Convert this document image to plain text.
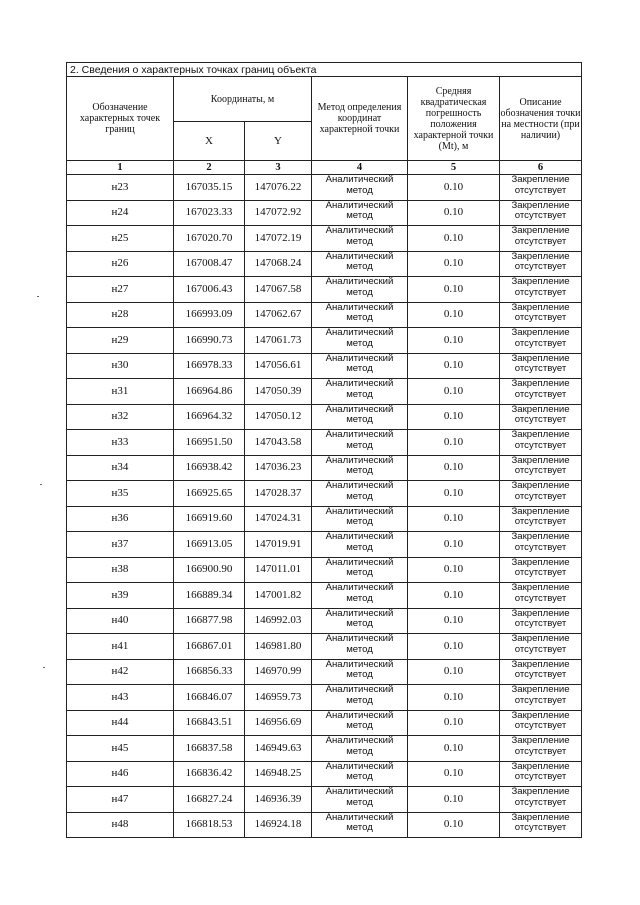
2. Сведения о характерных точках границ объекта					
Обозначение характерных точек границ	Координаты, м		Метод определения координат характерной точки	Средняя квадратическая погрешность положения характерной точки (Mt), м	Описание обозначения точки на местности (при наличии)
	X	Y			
1	2	3	4	5	6
н23	167035.15	147076.22	Аналитический метод	0.10	Закрепление отсутствует
н24	167023.33	147072.92	Аналитический метод	0.10	Закрепление отсутствует
н25	167020.70	147072.19	Аналитический метод	0.10	Закрепление отсутствует
н26	167008.47	147068.24	Аналитический метод	0.10	Закрепление отсутствует
н27	167006.43	147067.58	Аналитический метод	0.10	Закрепление отсутствует
н28	166993.09	147062.67	Аналитический метод	0.10	Закрепление отсутствует
н29	166990.73	147061.73	Аналитический метод	0.10	Закрепление отсутствует
н30	166978.33	147056.61	Аналитический метод	0.10	Закрепление отсутствует
н31	166964.86	147050.39	Аналитический метод	0.10	Закрепление отсутствует
н32	166964.32	147050.12	Аналитический метод	0.10	Закрепление отсутствует
н33	166951.50	147043.58	Аналитический метод	0.10	Закрепление отсутствует
н34	166938.42	147036.23	Аналитический метод	0.10	Закрепление отсутствует
н35	166925.65	147028.37	Аналитический метод	0.10	Закрепление отсутствует
н36	166919.60	147024.31	Аналитический метод	0.10	Закрепление отсутствует
н37	166913.05	147019.91	Аналитический метод	0.10	Закрепление отсутствует
н38	166900.90	147011.01	Аналитический метод	0.10	Закрепление отсутствует
н39	166889.34	147001.82	Аналитический метод	0.10	Закрепление отсутствует
н40	166877.98	146992.03	Аналитический метод	0.10	Закрепление отсутствует
н41	166867.01	146981.80	Аналитический метод	0.10	Закрепление отсутствует
н42	166856.33	146970.99	Аналитический метод	0.10	Закрепление отсутствует
н43	166846.07	146959.73	Аналитический метод	0.10	Закрепление отсутствует
н44	166843.51	146956.69	Аналитический метод	0.10	Закрепление отсутствует
н45	166837.58	146949.63	Аналитический метод	0.10	Закрепление отсутствует
н46	166836.42	146948.25	Аналитический метод	0.10	Закрепление отсутствует
н47	166827.24	146936.39	Аналитический метод	0.10	Закрепление отсутствует
н48	166818.53	146924.18	Аналитический метод	0.10	Закрепление отсутствует
